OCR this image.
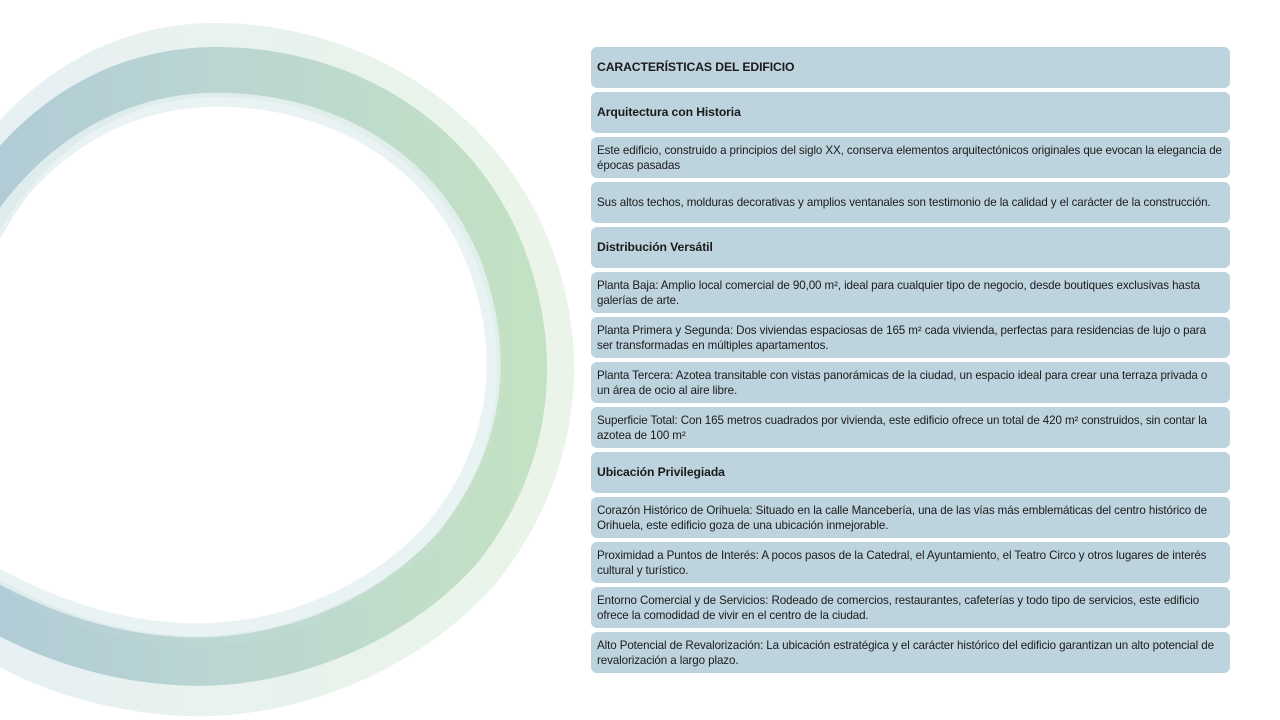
CARACTERÍSTICAS DEL EDIFICIO
Arquitectura con Historia
Este edificio, construido a principios del siglo XX, conserva elementos arquitectónicos originales que evocan la elegancia de épocas pasadas
Sus altos techos, molduras decorativas y amplios ventanales son testimonio de la calidad y el carácter de la construcción.
Distribución Versátil
Planta Baja: Amplio local comercial de 90,00 m², ideal para cualquier tipo de negocio, desde boutiques exclusivas hasta galerías de arte.
Planta Primera y Segunda: Dos viviendas espaciosas de 165 m² cada vivienda, perfectas para residencias de lujo o para ser transformadas en múltiples apartamentos.
Planta Tercera: Azotea transitable con vistas panorámicas de la ciudad, un espacio ideal para crear una terraza privada o un área de ocio al aire libre.
Superficie Total: Con 165 metros cuadrados por vivienda, este edificio ofrece un total de 420 m² construidos, sin contar la azotea de 100 m²
Ubicación Privilegiada
Corazón Histórico de Orihuela: Situado en la calle Mancebería, una de las vías más emblemáticas del centro histórico de Orihuela, este edificio goza de una ubicación inmejorable.
Proximidad a Puntos de Interés: A pocos pasos de la Catedral, el Ayuntamiento, el Teatro Circo y otros lugares de interés cultural y turístico.
Entorno Comercial y de Servicios: Rodeado de comercios, restaurantes, cafeterías y todo tipo de servicios, este edificio ofrece la comodidad de vivir en el centro de la ciudad.
Alto Potencial de Revalorización: La ubicación estratégica y el carácter histórico del edificio garantizan un alto potencial de revalorización a largo plazo.
